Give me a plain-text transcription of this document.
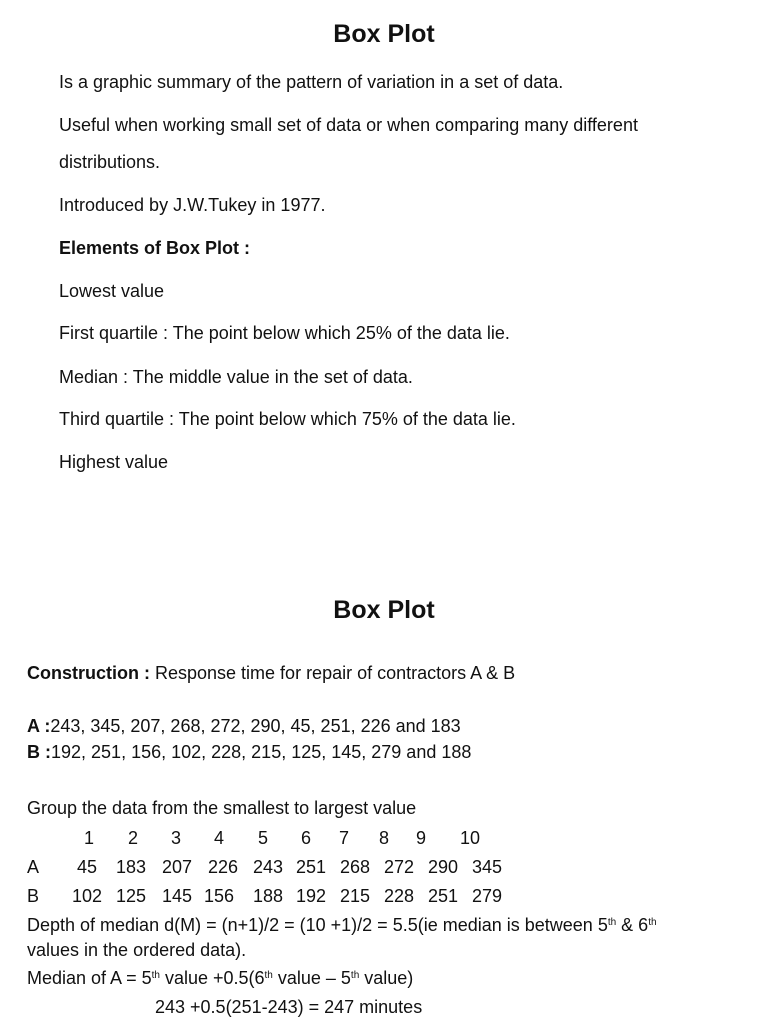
Box Plot
Is a graphic summary of the pattern of variation in a set of data.
Useful when working small set of data or when comparing many different
distributions.
Introduced by J.W.Tukey in 1977.
Elements of Box Plot :
Lowest value
First quartile : The point below which 25% of the data lie.
Median : The middle value in the set of data.
Third quartile : The point below which 75% of the data lie.
Highest value
Box Plot
Construction : Response time for repair of contractors A & B
A :243, 345, 207, 268, 272, 290, 45, 251, 226 and 183
B :192, 251, 156, 102, 228, 215, 125, 145, 279 and 188
Group the data from the smallest to largest value
1	2	3	4	5	6	7	8	9	10
A	45	183 207 226 243 251 268 272 290 345
B	102 125 145 156	188 192 215 228 251 279
Depth of median d(M) = (n+1)/2 = (10 +1)/2 = 5.5(ie median is between 5th & 6th
values in the ordered data).
Median of A = 5th value +0.5(6th value – 5th value)
243 +0.5(251-243) = 247 minutes
